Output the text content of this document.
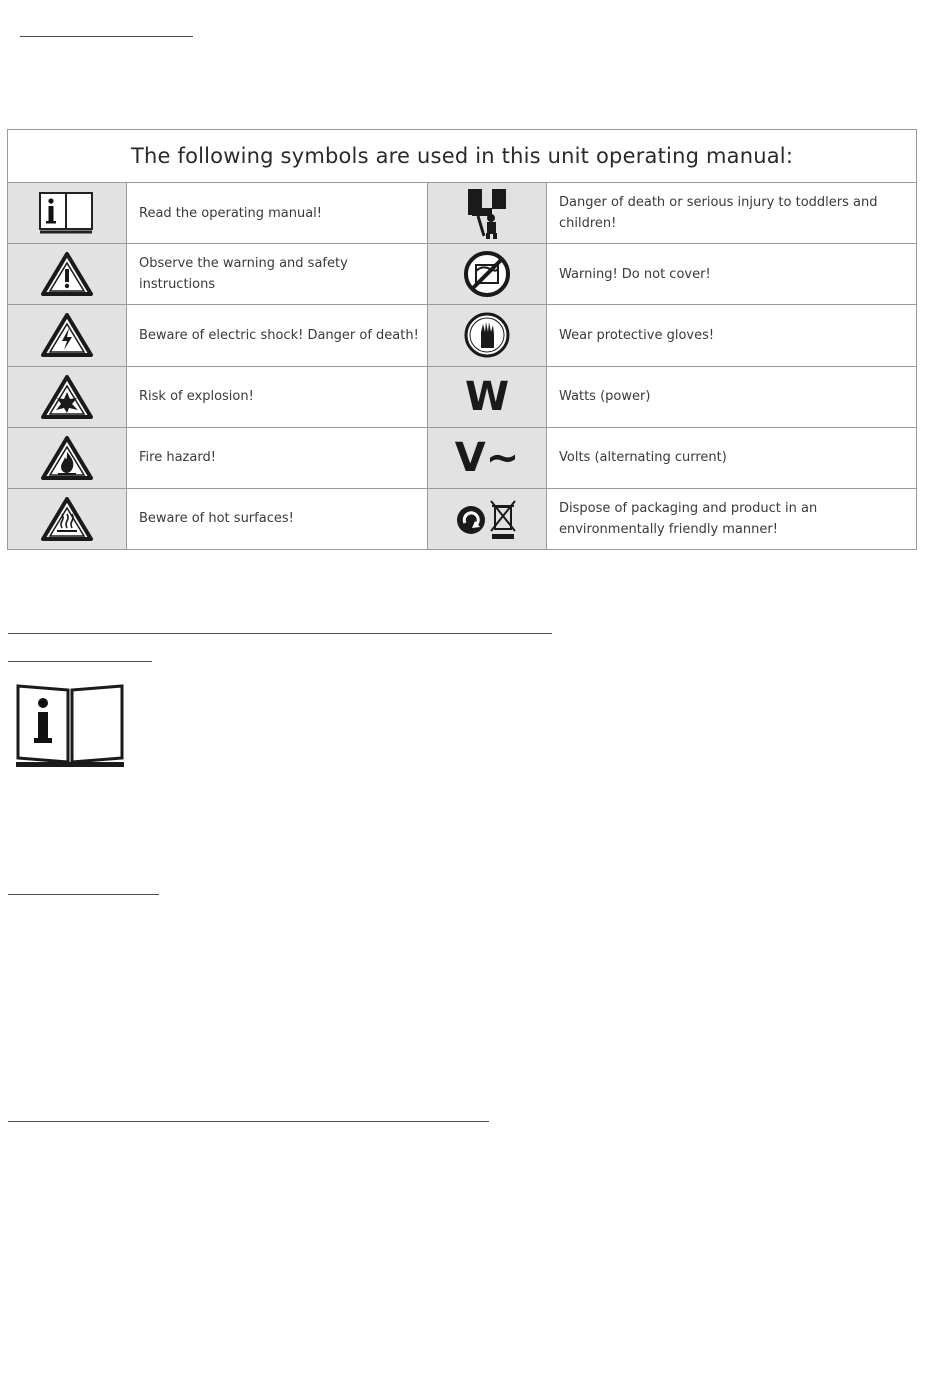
The following symbols are used in this unit operating manual:			

	Read the operating manual!		Danger of death or serious injury to toddlers and children!

	Observe the warning and safety instructions		Warning! Do not cover!

	Beware of electric shock! Danger of death!		Wear protective gloves!

	Risk of explosion!	W	Watts (power)

	Fire hazard!	V~	Volts (alternating current)

	Beware of hot surfaces!		Dispose of packaging and product in an environmentally friendly manner!
